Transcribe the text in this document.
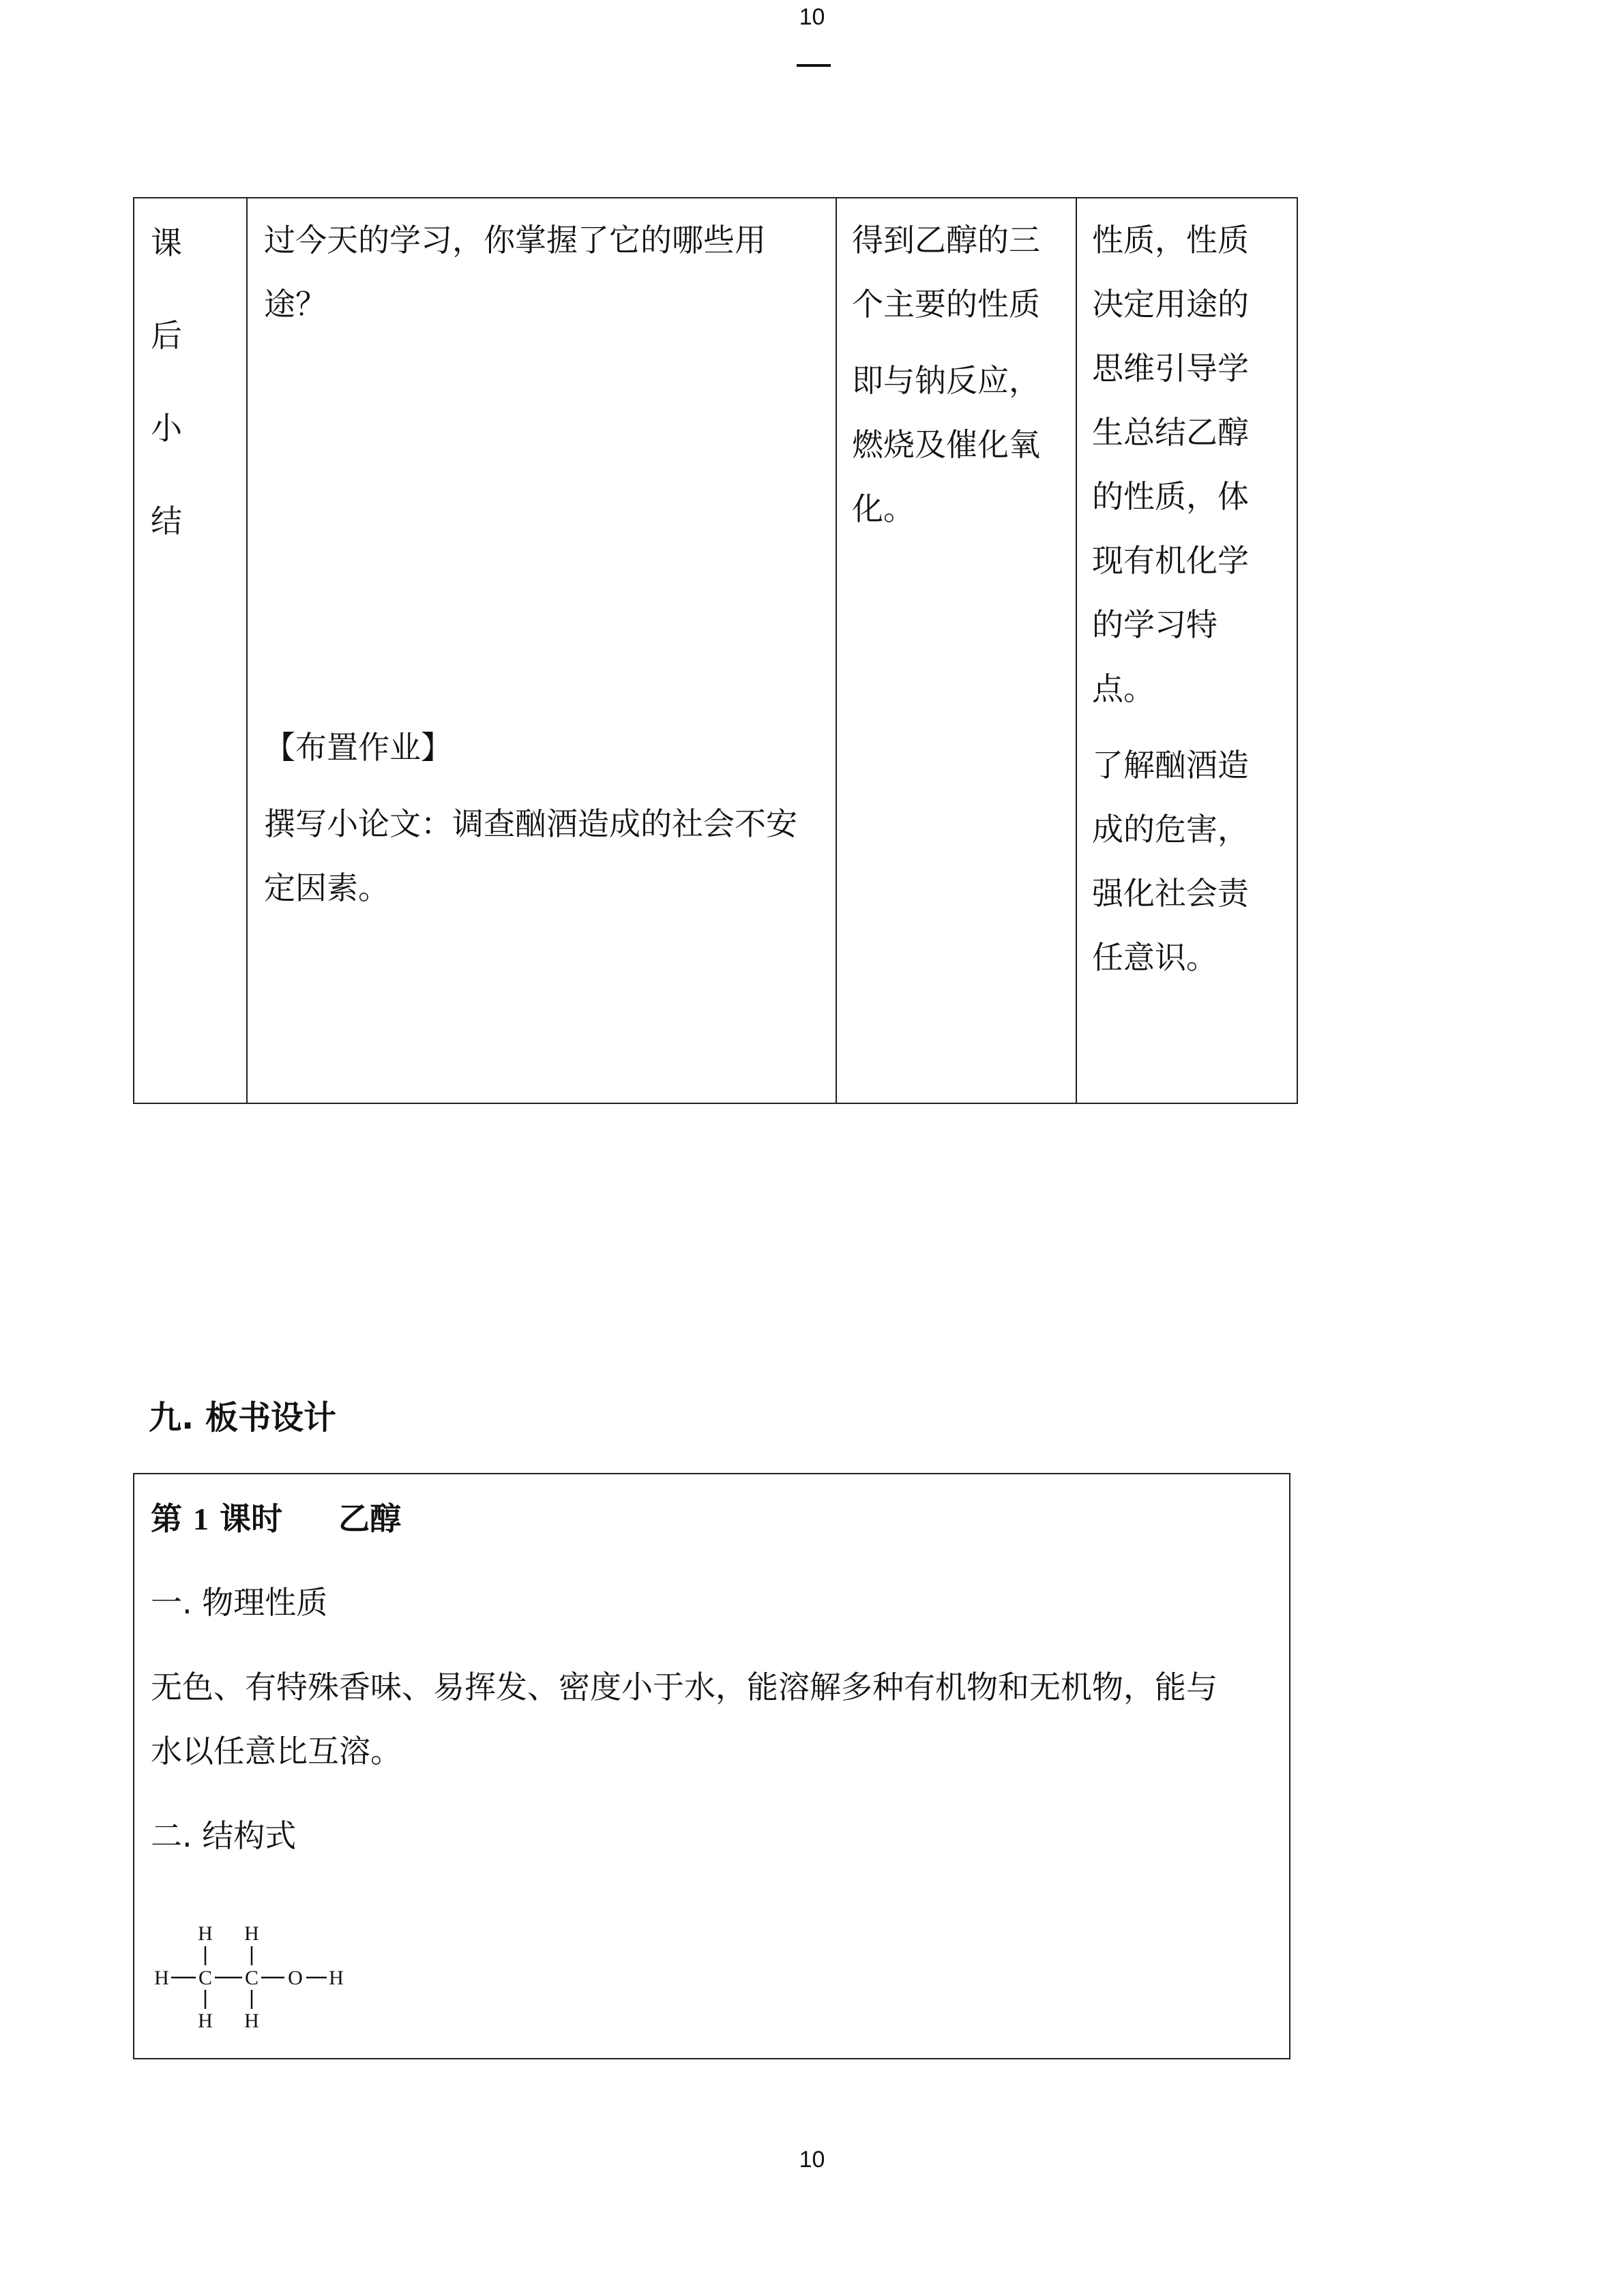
10
课
后
小
结

过今天的学习，你掌握了它的哪些用

途？

【布置作业】

撰写小论文：调查酗酒造成的社会不安

定因素。

得到乙醇的三

个主要的性质

即与钠反应，

燃烧及催化氧

化。

性质，性质

决定用途的

思维引导学

生总结乙醇

的性质，体

现有机化学

的学习特

点。

了解酗酒造

成的危害，

强化社会责

任意识。

九. 板书设计

第 1 课时 乙醇

一. 物理性质

无色、有特殊香味、易挥发、密度小于水，能溶解多种有机物和无机物，能与

水以任意比互溶。

二. 结构式

H H
H C C O H
H H
10
